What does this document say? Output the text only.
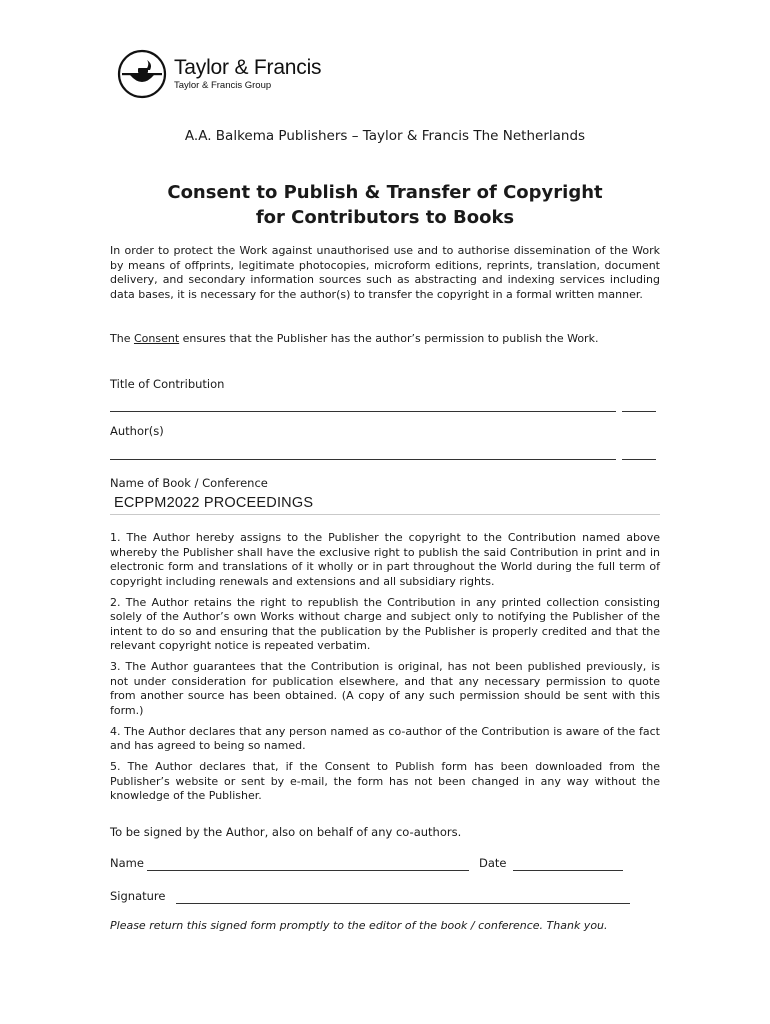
Taylor & Francis
Taylor & Francis Group
A.A. Balkema Publishers – Taylor & Francis The Netherlands
Consent to Publish & Transfer of Copyright
for Contributors to Books
In order to protect the Work against unauthorised use and to authorise dissemination of the Work by means of offprints, legitimate photocopies, microform editions, reprints, translation, document delivery, and secondary information sources such as abstracting and indexing services including data bases, it is necessary for the author(s) to transfer the copyright in a formal written manner.
The Consent ensures that the Publisher has the author’s permission to publish the Work.
Title of Contribution
Author(s)
Name of Book / Conference
ECPPM2022 PROCEEDINGS

1. The Author hereby assigns to the Publisher the copyright to the Contribution named above whereby the Publisher shall have the exclusive right to publish the said Contribution in print and in electronic form and translations of it wholly or in part throughout the World during the full term of copyright including renewals and extensions and all subsidiary rights.

2. The Author retains the right to republish the Contribution in any printed collection consisting solely of the Author’s own Works without charge and subject only to notifying the Publisher of the intent to do so and ensuring that the publication by the Publisher is properly credited and that the relevant copyright notice is repeated verbatim.

3. The Author guarantees that the Contribution is original, has not been published previously, is not under consideration for publication elsewhere, and that any necessary permission to quote from another source has been obtained. (A copy of any such permission should be sent with this form.)

4. The Author declares that any person named as co-author of the Contribution is aware of the fact and has agreed to being so named.

5. The Author declares that, if the Consent to Publish form has been downloaded from the Publisher’s website or sent by e-mail, the form has not been changed in any way without the knowledge of the Publisher.

To be signed by the Author, also on behalf of any co-authors.
Name	Date
Signature
Please return this signed form promptly to the editor of the book / conference. Thank you.
